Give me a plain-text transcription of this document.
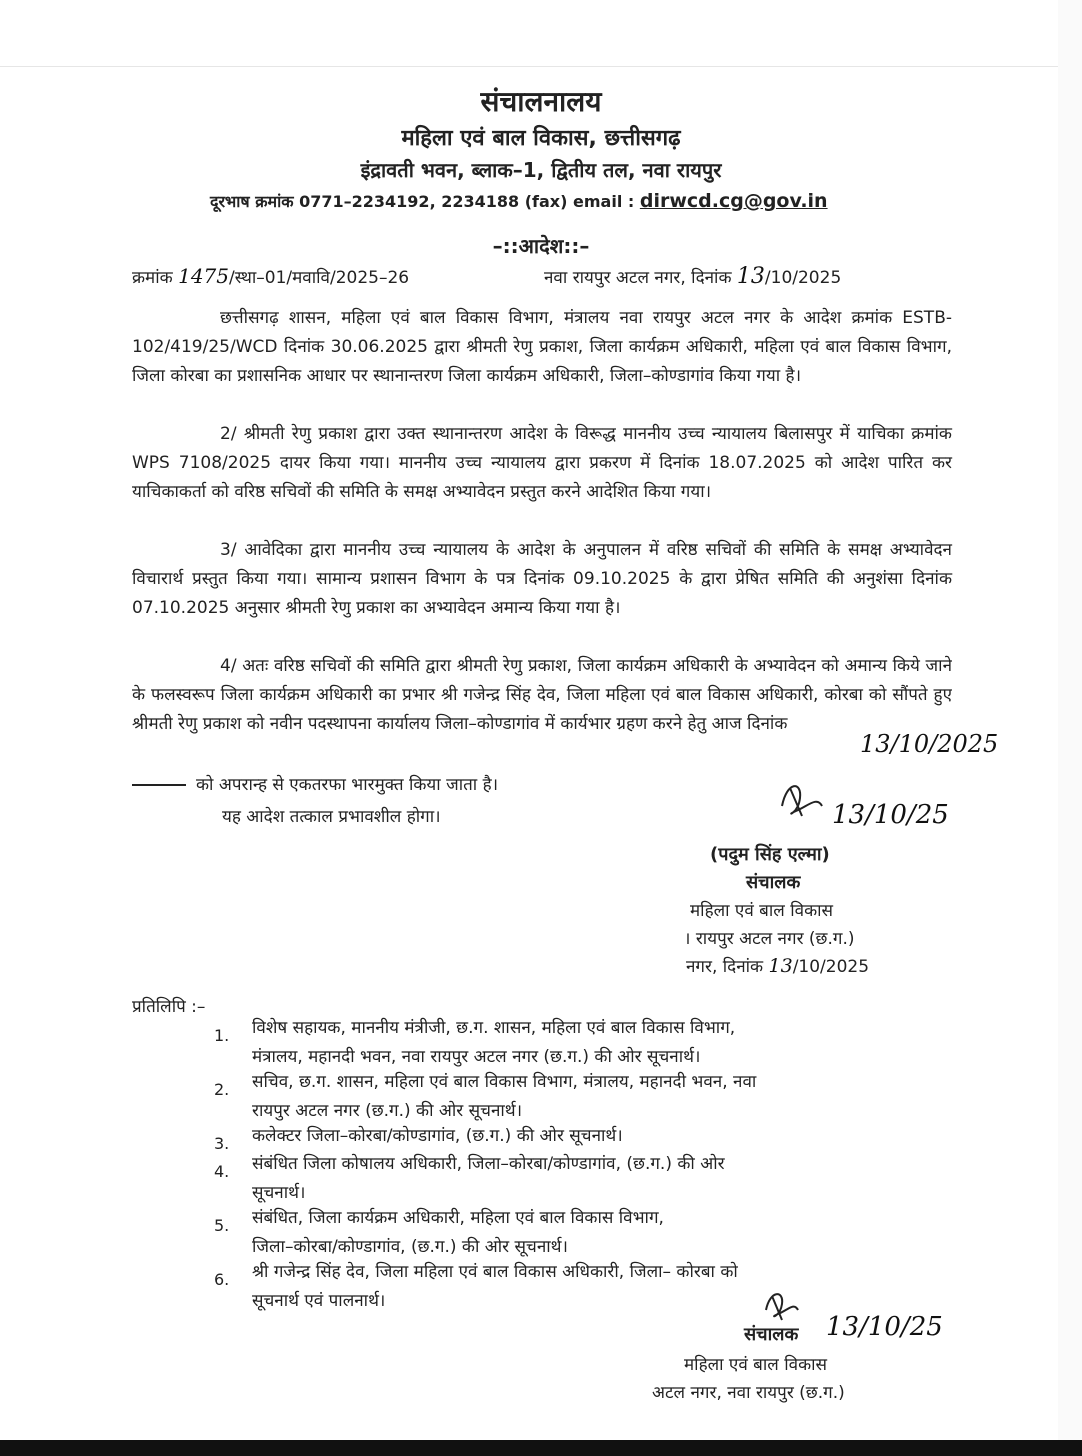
संचालनालय
महिला एवं बाल विकास, छत्तीसगढ़
इंद्रावती भवन, ब्लाक–1, द्वितीय तल, नवा रायपुर
दूरभाष क्रमांक 0771–2234192, 2234188 (fax) email : dirwcd.cg@gov.in
–::आदेश::–
क्रमांक 1475/स्था–01/मवावि/2025–26	नवा रायपुर अटल नगर, दिनांक 13/10/2025
छत्तीसगढ़ शासन, महिला एवं बाल विकास विभाग, मंत्रालय नवा रायपुर अटल नगर के आदेश क्रमांक ESTB-102/419/25/WCD दिनांक 30.06.2025 द्वारा श्रीमती रेणु प्रकाश, जिला कार्यक्रम अधिकारी, महिला एवं बाल विकास विभाग, जिला कोरबा का प्रशासनिक आधार पर स्थानान्तरण जिला कार्यक्रम अधिकारी, जिला–कोण्डागांव किया गया है।
2/ श्रीमती रेणु प्रकाश द्वारा उक्त स्थानान्तरण आदेश के विरूद्ध माननीय उच्च न्यायालय बिलासपुर में याचिका क्रमांक WPS 7108/2025 दायर किया गया। माननीय उच्च न्यायालय द्वारा प्रकरण में दिनांक 18.07.2025 को आदेश पारित कर याचिकाकर्ता को वरिष्ठ सचिवों की समिति के समक्ष अभ्यावेदन प्रस्तुत करने आदेशित किया गया।
3/ आवेदिका द्वारा माननीय उच्च न्यायालय के आदेश के अनुपालन में वरिष्ठ सचिवों की समिति के समक्ष अभ्यावेदन विचारार्थ प्रस्तुत किया गया। सामान्य प्रशासन विभाग के पत्र दिनांक 09.10.2025 के द्वारा प्रेषित समिति की अनुशंसा दिनांक 07.10.2025 अनुसार श्रीमती रेणु प्रकाश का अभ्यावेदन अमान्य किया गया है।
4/ अतः वरिष्ठ सचिवों की समिति द्वारा श्रीमती रेणु प्रकाश, जिला कार्यक्रम अधिकारी के अभ्यावेदन को अमान्य किये जाने के फलस्वरूप जिला कार्यक्रम अधिकारी का प्रभार श्री गजेन्द्र सिंह देव, जिला महिला एवं बाल विकास अधिकारी, कोरबा को सौंपते हुए श्रीमती रेणु प्रकाश को नवीन पदस्थापना कार्यालय जिला–कोण्डागांव में कार्यभार ग्रहण करने हेतु आज दिनांक
13/10/2025
को अपरान्ह से एकतरफा भारमुक्त किया जाता है।
यह आदेश तत्काल प्रभावशील होगा।	13/10/25
(पदुम सिंह एल्मा)
संचालक
महिला एवं बाल विकास
। रायपुर अटल नगर (छ.ग.)
नगर, दिनांक 13/10/2025
प्रतिलिपि :–
1. विशेष सहायक, माननीय मंत्रीजी, छ.ग. शासन, महिला एवं बाल विकास विभाग,
मंत्रालय, महानदी भवन, नवा रायपुर अटल नगर (छ.ग.) की ओर सूचनार्थ।
2. सचिव, छ.ग. शासन, महिला एवं बाल विकास विभाग, मंत्रालय, महानदी भवन, नवा
रायपुर अटल नगर (छ.ग.) की ओर सूचनार्थ।
3. कलेक्टर जिला–कोरबा/कोण्डागांव, (छ.ग.) की ओर सूचनार्थ।
4. संबंधित जिला कोषालय अधिकारी, जिला–कोरबा/कोण्डागांव, (छ.ग.) की ओर
सूचनार्थ।
5. संबंधित, जिला कार्यक्रम अधिकारी, महिला एवं बाल विकास विभाग,
जिला–कोरबा/कोण्डागांव, (छ.ग.) की ओर सूचनार्थ।
6. श्री गजेन्द्र सिंह देव, जिला महिला एवं बाल विकास अधिकारी, जिला– कोरबा को
सूचनार्थ एवं पालनार्थ।
संचालक 13/10/25
महिला एवं बाल विकास
अटल नगर, नवा रायपुर (छ.ग.)
